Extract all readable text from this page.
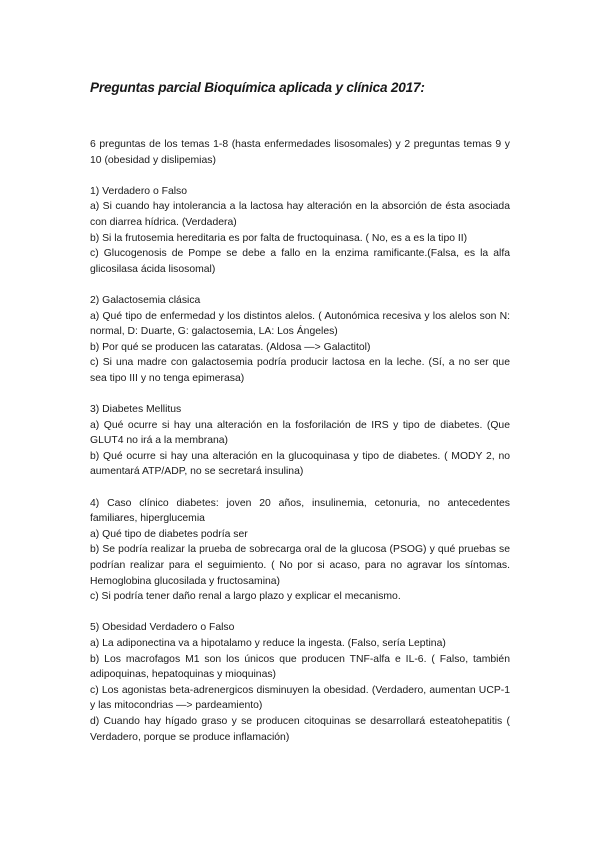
Preguntas parcial Bioquímica aplicada y clínica 2017:

6 preguntas de los temas 1-8 (hasta enfermedades lisosomales) y 2 preguntas temas 9 y 10 (obesidad y dislipemias)

1) Verdadero o Falso

a) Si cuando hay intolerancia a la lactosa hay alteración en la absorción de ésta asociada con diarrea hídrica. (Verdadera)

b) Si la frutosemia hereditaria es por falta de fructoquinasa. ( No, es a es la tipo II)

c) Glucogenosis de Pompe se debe a fallo en la enzima ramificante.(Falsa, es la alfa glicosilasa ácida lisosomal)

2) Galactosemia clásica

a) Qué tipo de enfermedad y los distintos alelos. ( Autonómica recesiva y los alelos son N: normal, D: Duarte, G: galactosemia, LA: Los Ángeles)

b) Por qué se producen las cataratas. (Aldosa —> Galactitol)

c) Si una madre con galactosemia podría producir lactosa en la leche. (Sí, a no ser que sea tipo III y no tenga epimerasa)

3) Diabetes Mellitus

a) Qué ocurre si hay una alteración en la fosforilación de IRS y tipo de diabetes. (Que GLUT4 no irá a la membrana)

b) Qué ocurre si hay una alteración en la glucoquinasa y tipo de diabetes. ( MODY 2, no aumentará ATP/ADP, no se secretará insulina)

4) Caso clínico diabetes: joven 20 años, insulinemia, cetonuria, no antecedentes familiares, hiperglucemia

a) Qué tipo de diabetes podría ser

b) Se podría realizar la prueba de sobrecarga oral de la glucosa (PSOG) y qué pruebas se podrían realizar para el seguimiento. ( No por si acaso, para no agravar los síntomas. Hemoglobina glucosilada y fructosamina)

c) Si podría tener daño renal a largo plazo y explicar el mecanismo.

5) Obesidad Verdadero o Falso

a) La adiponectina va a hipotalamo y reduce la ingesta. (Falso, sería Leptina)

b) Los macrofagos M1 son los únicos que producen TNF-alfa e IL-6. ( Falso, también adipoquinas, hepatoquinas y mioquinas)

c) Los agonistas beta-adrenergicos disminuyen la obesidad. (Verdadero, aumentan UCP-1 y las mitocondrias —> pardeamiento)

d) Cuando hay hígado graso y se producen citoquinas se desarrollará esteatohepatitis ( Verdadero, porque se produce inflamación)
